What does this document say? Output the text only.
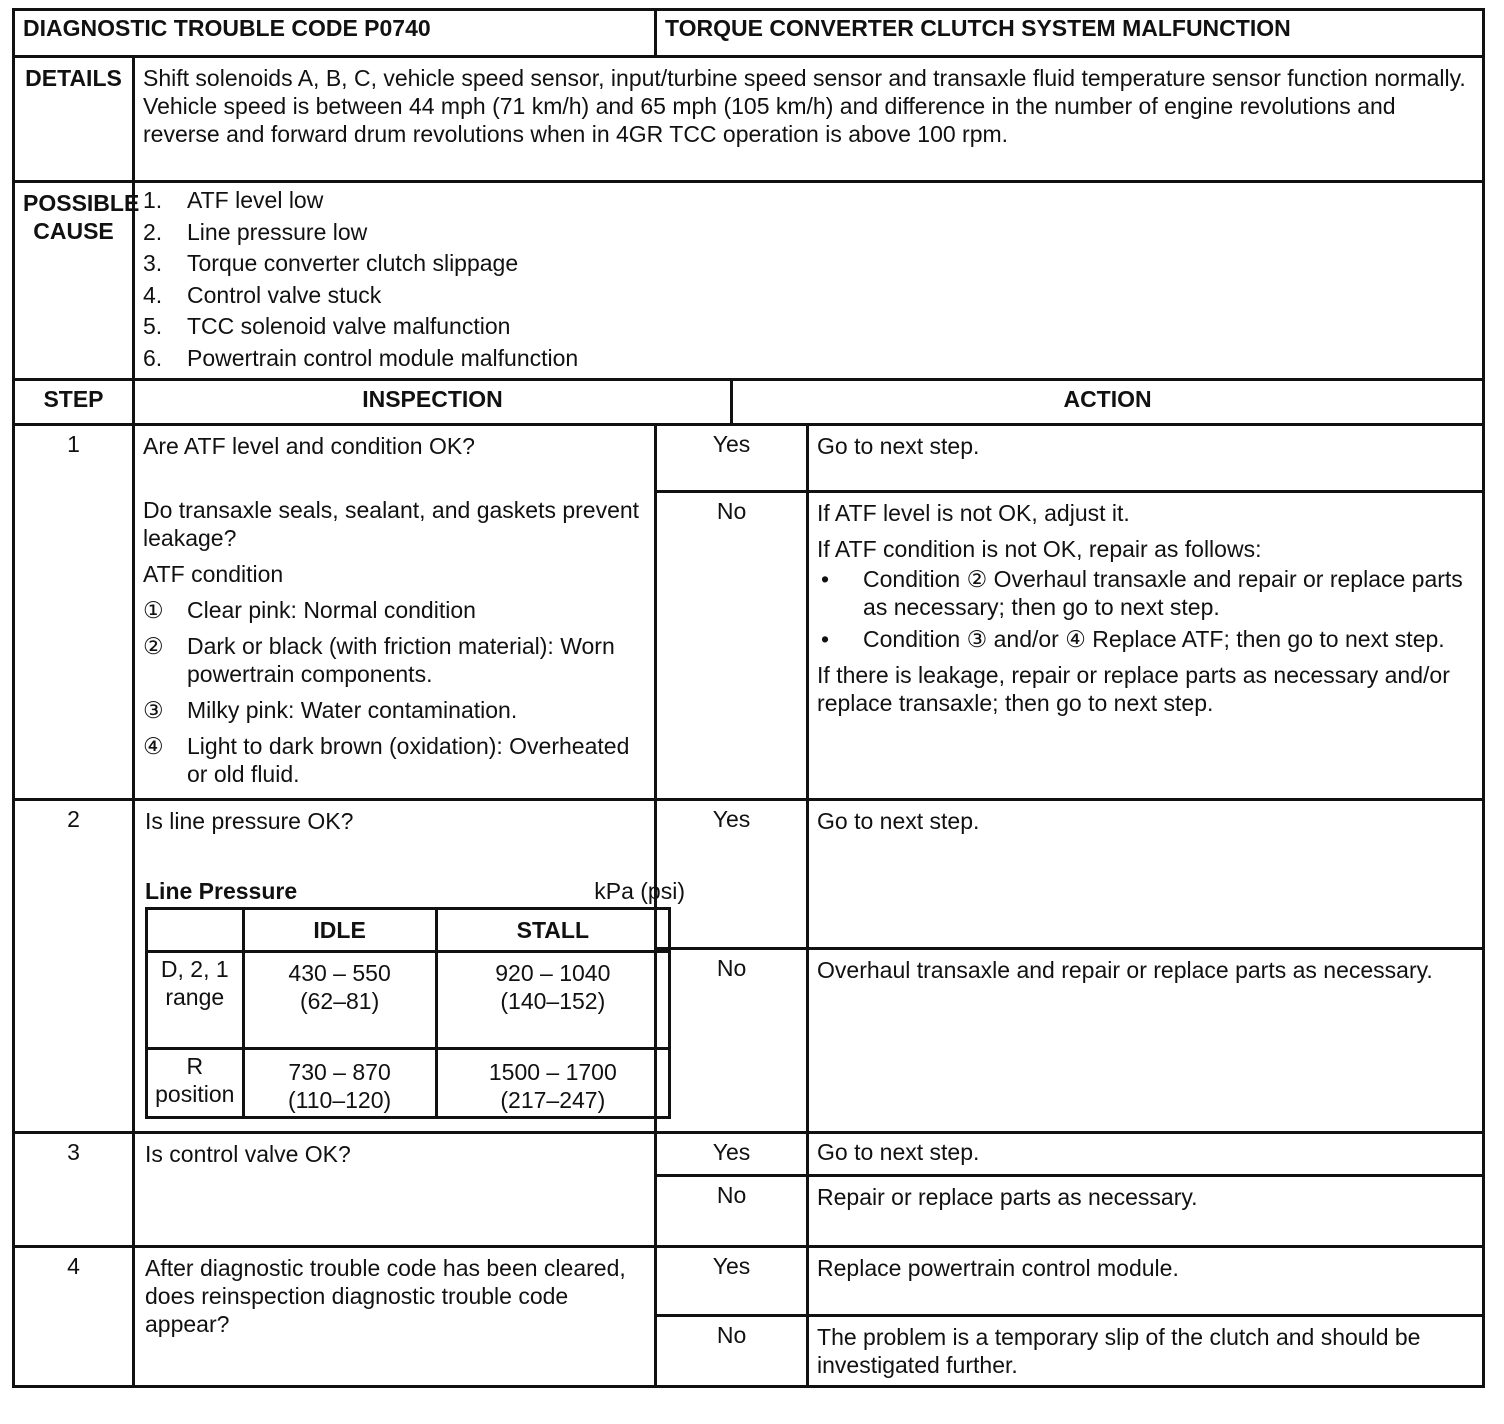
DIAGNOSTIC TROUBLE CODE P0740	TORQUE CONVERTER CLUTCH SYSTEM MALFUNCTION
DETAILS	Shift solenoids A, B, C, vehicle speed sensor, input/turbine speed sensor and transaxle fluid temperature sensor function normally. Vehicle speed is between 44 mph (71 km/h) and 65 mph (105 km/h) and difference in the number of engine revolutions and reverse and forward drum revolutions when in 4GR TCC operation is above 100 rpm.

POSSIBLE
CAUSE

1.	ATF level low
2.	Line pressure low
3.	Torque converter clutch slippage
4.	Control valve stuck
5.	TCC solenoid valve malfunction
6.	Powertrain control module malfunction

STEP	INSPECTION	ACTION
1	Are ATF level and condition OK?
Do transaxle seals, sealant, and gaskets prevent leakage?
ATF condition
①	Clear pink: Normal condition
②	Dark or black (with friction material): Worn powertrain components.
③	Milky pink: Water contamination.
④	Light to dark brown (oxidation): Overheated or old fluid.
	Yes	Go to next step.
No	If ATF level is not OK, adjust it.
If ATF condition is not OK, repair as follows:
•	Condition ② Overhaul transaxle and repair or replace parts as necessary; then go to next step.
•	Condition ③ and/or ④ Replace ATF; then go to next step.
If there is leakage, repair or replace parts as necessary and/or replace transaxle; then go to next step.

2	Is line pressure OK?
Line Pressure	kPa (psi)
	IDLE	STALL
D, 2, 1 range	430 – 550 (62–81)	920 – 1040 (140–152)
R position	730 – 870 (110–120)	1500 – 1700 (217–247)
	Yes	Go to next step.
No	Overhaul transaxle and repair or replace parts as necessary.
3	Is control valve OK?	Yes	Go to next step.
No	Repair or replace parts as necessary.
4	After diagnostic trouble code has been cleared, does reinspection diagnostic trouble code appear?	Yes	Replace powertrain control module.
No	The problem is a temporary slip of the clutch and should be investigated further.
